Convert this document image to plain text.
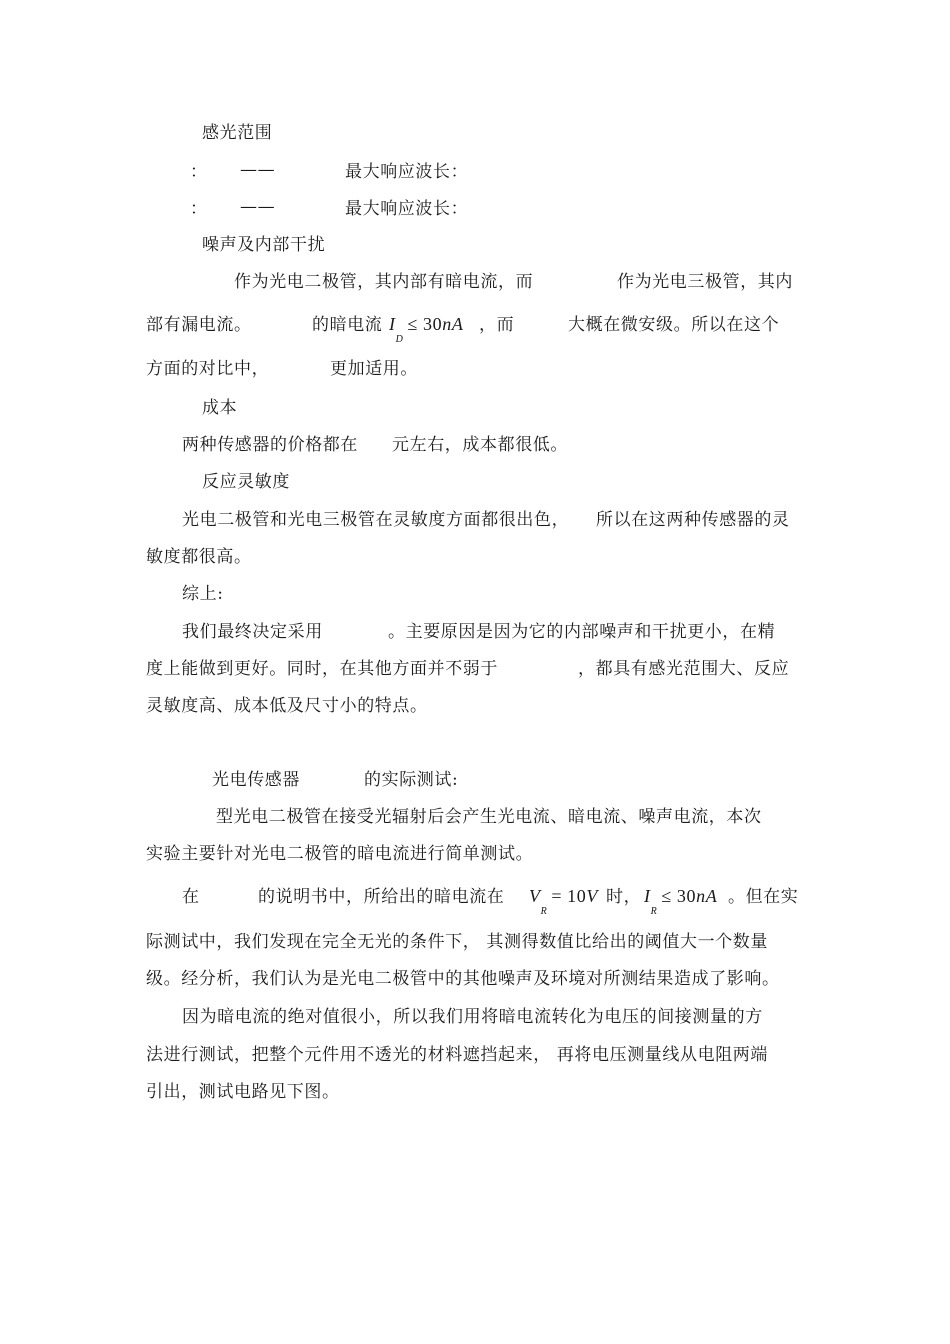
感光范围
： ——	最大响应波长：
： ——	最大响应波长：
噪声及内部干扰
作为光电二极管，其内部有暗电流，而	作为光电三极管，其内
部有漏电流。	的暗电流 $I_D\le 30nA$ ，而	大概在微安级。所以在这个
方面的对比中，	更加适用。
成本
两种传感器的价格都在 元左右，成本都很低。
反应灵敏度
光电二极管和光电三极管在灵敏度方面都很出色， 所以在这两种传感器的灵
敏度都很高。
综上:
我们最终决定采用	。主要原因是因为它的内部噪声和干扰更小，在精
度上能做到更好。同时，在其他方面并不弱于	，都具有感光范围大、反应
灵敏度高、成本低及尺寸小的特点。
光电传感器	的实际测试:
型光电二极管在接受光辐射后会产生光电流、暗电流、噪声电流，本次
实验主要针对光电二极管的暗电流进行简单测试。
在	的说明书中，所给出的暗电流在 $V_R= 10V$ 时， $I_R\le 30nA$ 。但在实
际测试中，我们发现在完全无光的条件下， 其测得数值比给出的阈值大一个数量
级。经分析，我们认为是光电二极管中的其他噪声及环境对所测结果造成了影响。
因为暗电流的绝对值很小，所以我们用将暗电流转化为电压的间接测量的方
法进行测试，把整个元件用不透光的材料遮挡起来， 再将电压测量线从电阻两端
引出，测试电路见下图。
